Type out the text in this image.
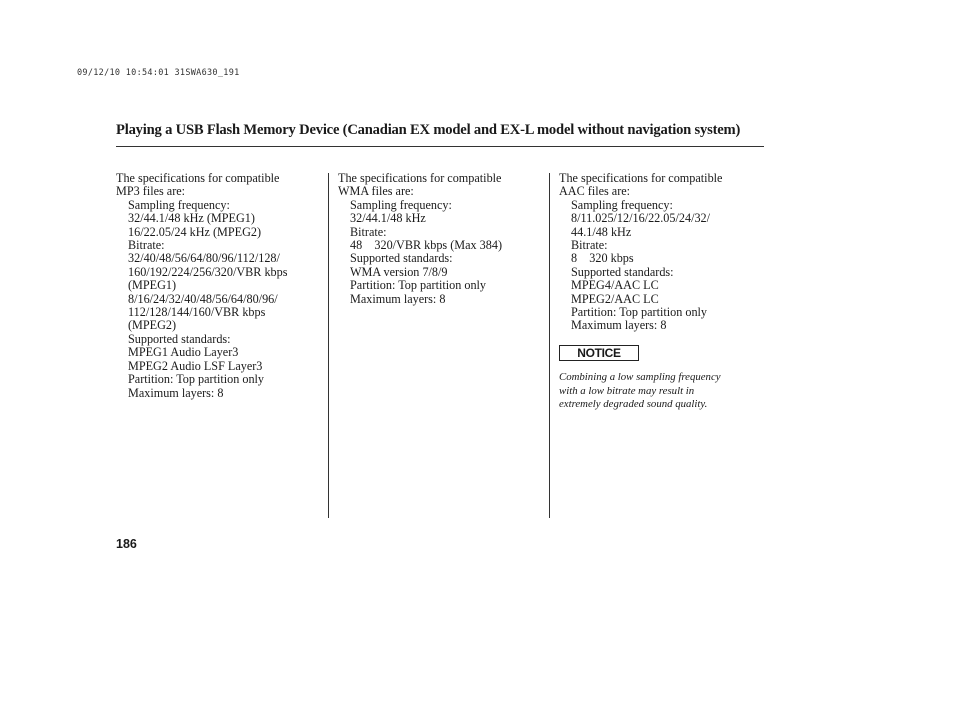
09/12/10 10:54:01 31SWA630_191
Playing a USB Flash Memory Device (Canadian EX model and EX-L model without navigation system)
The specifications for compatible
MP3 files are:
Sampling frequency:
32/44.1/48 kHz (MPEG1)
16/22.05/24 kHz (MPEG2)
Bitrate:
32/40/48/56/64/80/96/112/128/
160/192/224/256/320/VBR kbps
(MPEG1)
8/16/24/32/40/48/56/64/80/96/
112/128/144/160/VBR kbps
(MPEG2)
Supported standards:
MPEG1 Audio Layer3
MPEG2 Audio LSF Layer3
Partition: Top partition only
Maximum layers: 8
The specifications for compatible
WMA files are:
Sampling frequency:
32/44.1/48 kHz
Bitrate:
48    320/VBR kbps (Max 384)
Supported standards:
WMA version 7/8/9
Partition: Top partition only
Maximum layers: 8
The specifications for compatible
AAC files are:
Sampling frequency:
8/11.025/12/16/22.05/24/32/
44.1/48 kHz
Bitrate:
8    320 kbps
Supported standards:
MPEG4/AAC LC
MPEG2/AAC LC
Partition: Top partition only
Maximum layers: 8
NOTICE
Combining a low sampling frequency
with a low bitrate may result in
extremely degraded sound quality.
186
